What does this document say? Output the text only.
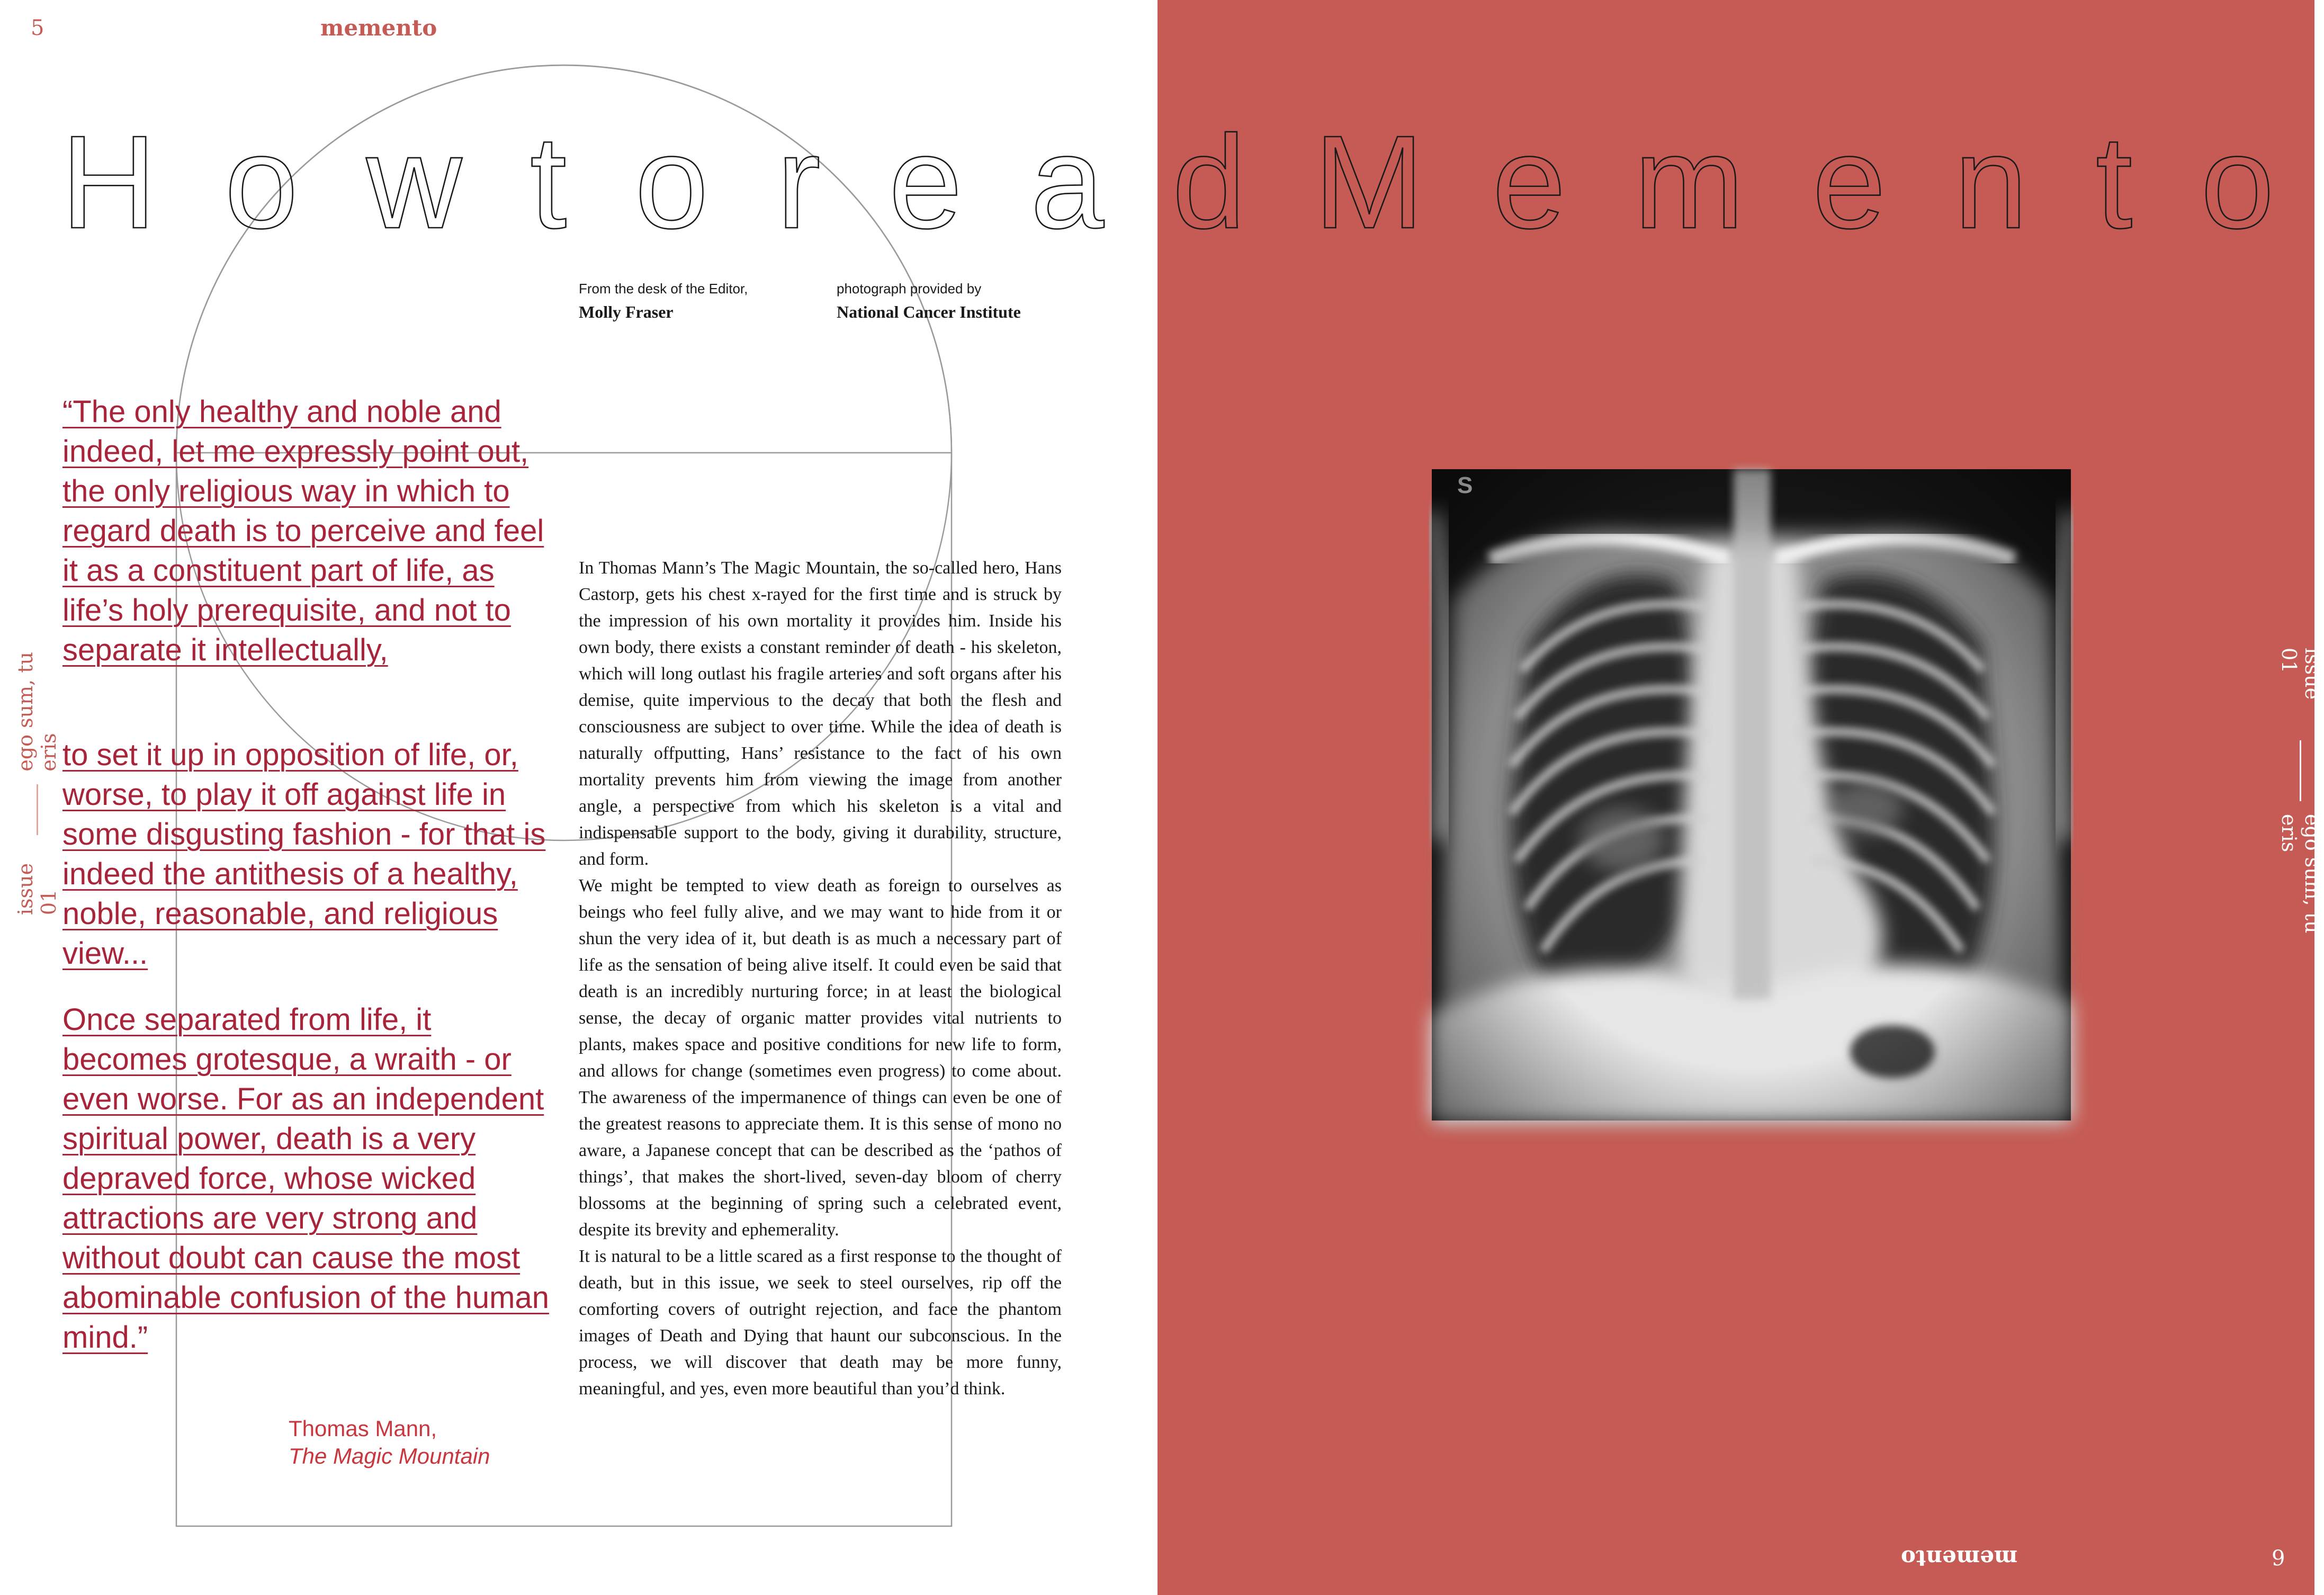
5	memento
H o w t o r e a d M e m e n t o
From the desk of the Editor,
Molly Fraser
photograph provided by
National Cancer Institute

“The only healthy and noble and indeed, let me expressly point out, the only religious way in which to regard death is to perceive and feel it as a constituent part of life, as life’s holy prerequisite, and not to separate it intellectually,

to set it up in opposition of life, or, worse, to play it off against life in some disgusting fashion - for that is indeed the antithesis of a healthy, noble, reasonable, and religious view...

Once separated from life, it becomes grotesque, a wraith - or even worse. For as an independent spiritual power, death is a very depraved force, whose wicked attractions are very strong and without doubt can cause the most abominable confusion of the human mind.”

Thomas Mann,
The Magic Mountain

In Thomas Mann’s The Magic Mountain, the so-called hero, Hans Castorp, gets his chest x-rayed for the first time and is struck by the impression of his own mortality it provides him. Inside his own body, there exists a constant reminder of death - his skeleton, which will long outlast his fragile arteries and soft organs after his demise, quite impervious to the decay that both the flesh and consciousness are subject to over time. While the idea of death is naturally offputting, Hans’ resistance to the fact of his own mortality prevents him from viewing the image from another angle, a perspective from which his skeleton is a vital and indispensable support to the body, giving it durability, structure, and form.

We might be tempted to view death as foreign to ourselves as beings who feel fully alive, and we may want to hide from it or shun the very idea of it, but death is as much a necessary part of life as the sensation of being alive itself. It could even be said that death is an incredibly nurturing force; in at least the biological sense, the decay of organic matter provides vital nutrients to plants, makes space and positive conditions for new life to form, and allows for change (sometimes even progress) to come about. The awareness of the impermanence of things can even be one of the greatest reasons to appreciate them. It is this sense of mono no aware, a Japanese concept that can be described as the ‘pathos of things’, that makes the short-lived, seven-day bloom of cherry blossoms at the beginning of spring such a celebrated event, despite its brevity and ephemerality.

It is natural to be a little scared as a first response to the thought of death, but in this issue, we seek to steel ourselves, rip off the comforting covers of outright rejection, and face the phantom images of Death and Dying that haunt our subconscious. In the process, we will discover that death may be more funny, meaningful, and yes, even more beautiful than you’d think.

issue 01
ego sum, tu eris
issue 01
ego sum, tu eris
memento	9
